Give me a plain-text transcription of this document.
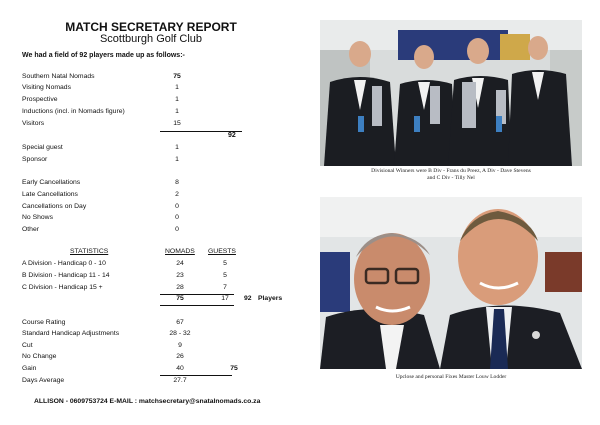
MATCH SECRETARY REPORT
Scottburgh Golf Club
We had a field of 92 players made up as follows:-
Southern Natal Nomads	75
Visiting Nomads	1
Prospective	1
Inductions (incl. in Nomads figure)	1
Visitors	15
92
Special guest	1
Sponsor	1
Early Cancellations	8
Late Cancellations	2
Cancellations on Day	0
No Shows	0
Other	0
STATISTICS	NOMADS GUESTS
A Division - Handicap 0 - 10	24	5
B Division - Handicap 11 - 14	23	5
C Division - Handicap 15 +	28	7
75	17	92 Players
Course Rating	67
Standard Handicap Adjustments	28 - 32
Cut	9
No Change	26
Gain	40	75
Days Average	27.7
ALLISON - 0609753724 E-MAIL : matchsecretary@snatalnomads.co.za
Divisional Winners were B Div - Frans du Preez, A Div - Dave Stevens
and C Div - Tilly Nel
Upclose and personal Fixes Master Louw Lodder
